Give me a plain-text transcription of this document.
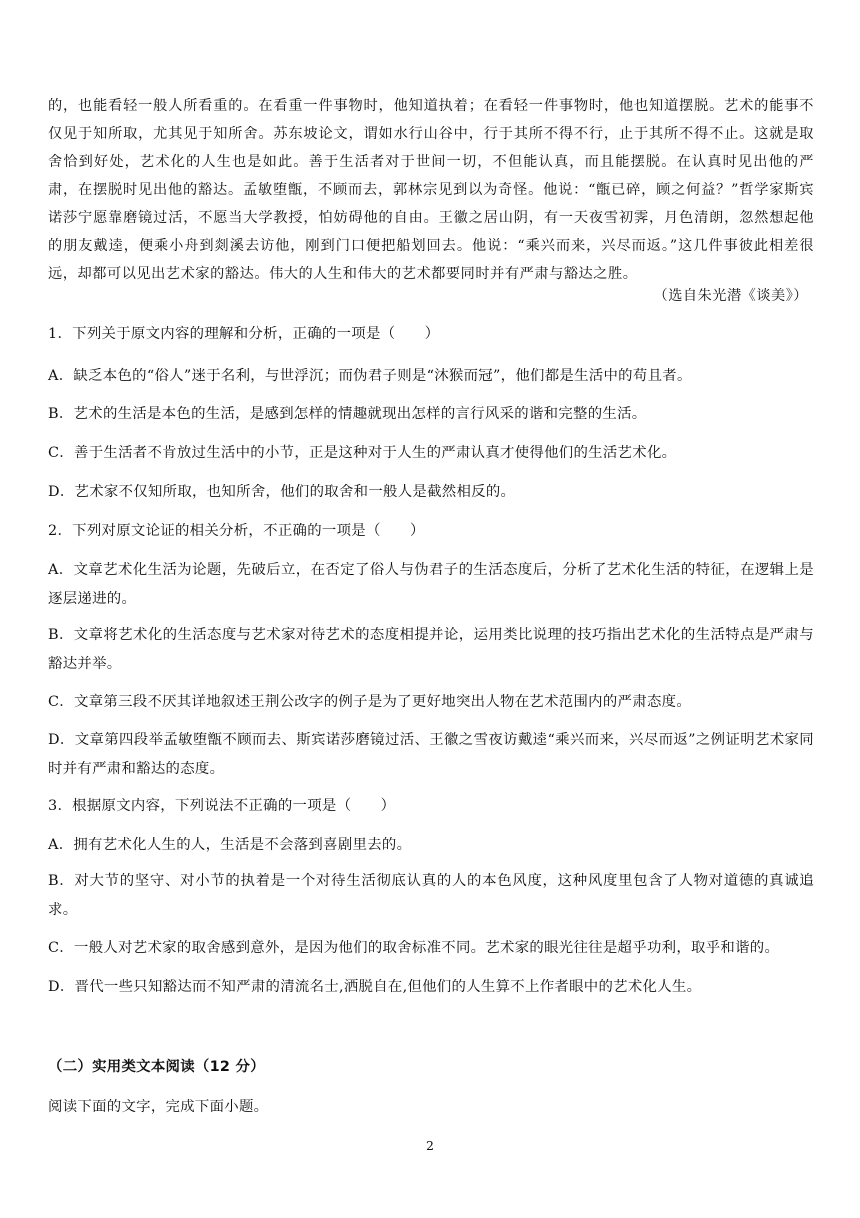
的，也能看轻一般人所看重的。在看重一件事物时，他知道执着；在看轻一件事物时，他也知道摆脱。艺术的能事不仅见于知所取，尤其见于知所舍。苏东坡论文，谓如水行山谷中，行于其所不得不行，止于其所不得不止。这就是取舍恰到好处，艺术化的人生也是如此。善于生活者对于世间一切，不但能认真，而且能摆脱。在认真时见出他的严肃，在摆脱时见出他的豁达。孟敏堕甑，不顾而去，郭林宗见到以为奇怪。他说：“甑已碎，顾之何益？”哲学家斯宾诺莎宁愿靠磨镜过活，不愿当大学教授，怕妨碍他的自由。王徽之居山阴，有一天夜雪初霁，月色清朗，忽然想起他的朋友戴逵，便乘小舟到剡溪去访他，刚到门口便把船划回去。他说：“乘兴而来，兴尽而返。”这几件事彼此相差很远，却都可以见出艺术家的豁达。伟大的人生和伟大的艺术都要同时并有严肃与豁达之胜。
（选自朱光潜《谈美》）
1．下列关于原文内容的理解和分析，正确的一项是（　　）
A．缺乏本色的“俗人”迷于名利，与世浮沉；而伪君子则是“沐猴而冠”，他们都是生活中的苟且者。
B．艺术的生活是本色的生活，是感到怎样的情趣就现出怎样的言行风采的谐和完整的生活。
C．善于生活者不肯放过生活中的小节，正是这种对于人生的严肃认真才使得他们的生活艺术化。
D．艺术家不仅知所取，也知所舍，他们的取舍和一般人是截然相反的。
2．下列对原文论证的相关分析，不正确的一项是（　　）
A．文章艺术化生活为论题，先破后立，在否定了俗人与伪君子的生活态度后，分析了艺术化生活的特征，在逻辑上是逐层递进的。
B．文章将艺术化的生活态度与艺术家对待艺术的态度相提并论，运用类比说理的技巧指出艺术化的生活特点是严肃与豁达并举。
C．文章第三段不厌其详地叙述王荆公改字的例子是为了更好地突出人物在艺术范围内的严肃态度。
D．文章第四段举孟敏堕甑不顾而去、斯宾诺莎磨镜过活、王徽之雪夜访戴逵“乘兴而来，兴尽而返”之例证明艺术家同时并有严肃和豁达的态度。
3．根据原文内容，下列说法不正确的一项是（　　）
A．拥有艺术化人生的人，生活是不会落到喜剧里去的。
B．对大节的坚守、对小节的执着是一个对待生活彻底认真的人的本色风度，这种风度里包含了人物对道德的真诚追求。
C．一般人对艺术家的取舍感到意外，是因为他们的取舍标准不同。艺术家的眼光往往是超乎功利，取乎和谐的。
D．晋代一些只知豁达而不知严肃的清流名士,洒脱自在,但他们的人生算不上作者眼中的艺术化人生。
（二）实用类文本阅读（12 分）
阅读下面的文字，完成下面小题。
2
